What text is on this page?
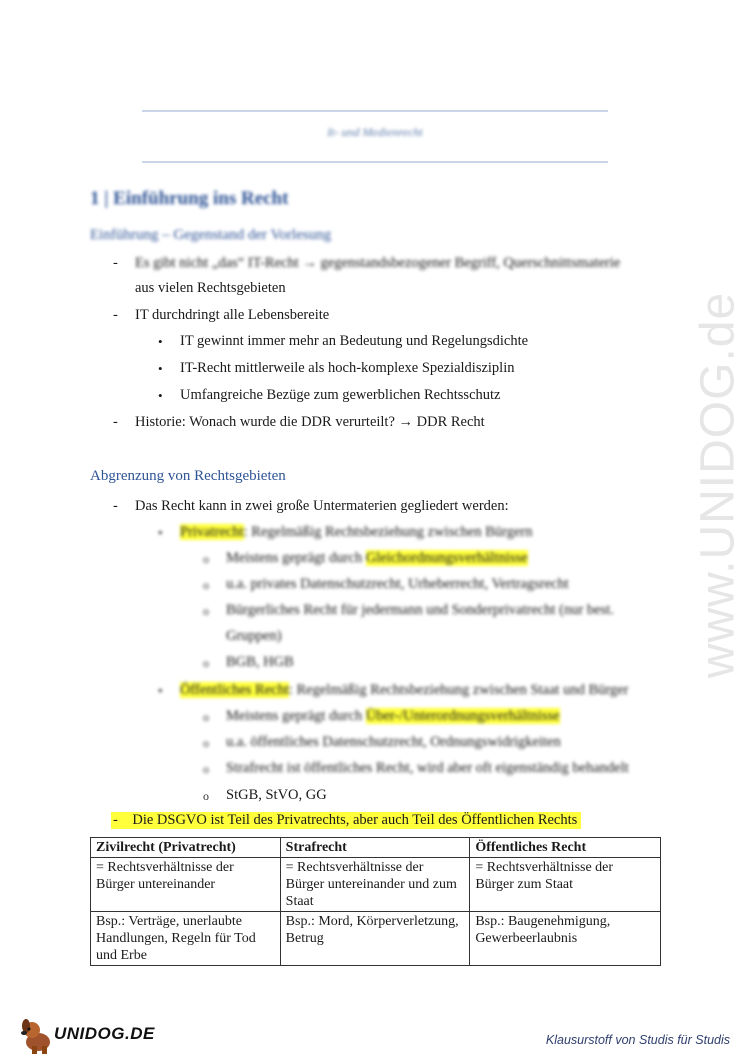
www.UNIDOG.de
It- und Medienrecht
1 | Einführung ins Recht
Einführung – Gegenstand der Vorlesung
- Es gibt nicht „das“ IT-Recht → gegenstandsbezogener Begriff, Querschnittsmaterie
aus vielen Rechtsgebieten
- IT durchdringt alle Lebensbereite
• IT gewinnt immer mehr an Bedeutung und Regelungsdichte
• IT-Recht mittlerweile als hoch-komplexe Spezialdisziplin
• Umfangreiche Bezüge zum gewerblichen Rechtsschutz
- Historie: Wonach wurde die DDR verurteilt? → DDR Recht
Abgrenzung von Rechtsgebieten
- Das Recht kann in zwei große Untermaterien gegliedert werden:
• Privatrecht: Regelmäßig Rechtsbeziehung zwischen Bürgern
o Meistens geprägt durch Gleichordnungsverhältnisse
o u.a. privates Datenschutzrecht, Urheberrecht, Vertragsrecht
o Bürgerliches Recht für jedermann und Sonderprivatrecht (nur best.
Gruppen)
o BGB, HGB
• Öffentliches Recht: Regelmäßig Rechtsbeziehung zwischen Staat und Bürger
o Meistens geprägt durch Über-/Unterordnungsverhältnisse
o u.a. öffentliches Datenschutzrecht, Ordnungswidrigkeiten
o Strafrecht ist öffentliches Recht, wird aber oft eigenständig behandelt
o StGB, StVO, GG
-    Die DSGVO ist Teil des Privatrechts, aber auch Teil des Öffentlichen Rechts
Zivilrecht (Privatrecht)	Strafrecht	Öffentliches Recht
= Rechtsverhältnisse der Bürger untereinander	= Rechtsverhältnisse der Bürger untereinander und zum Staat	= Rechtsverhältnisse der Bürger zum Staat
Bsp.: Verträge, unerlaubte Handlungen, Regeln für Tod und Erbe	Bsp.: Mord, Körperverletzung, Betrug	Bsp.: Baugenehmigung, Gewerbeerlaubnis
UNIDOG.DE	Klausurstoff von Studis für Studis
